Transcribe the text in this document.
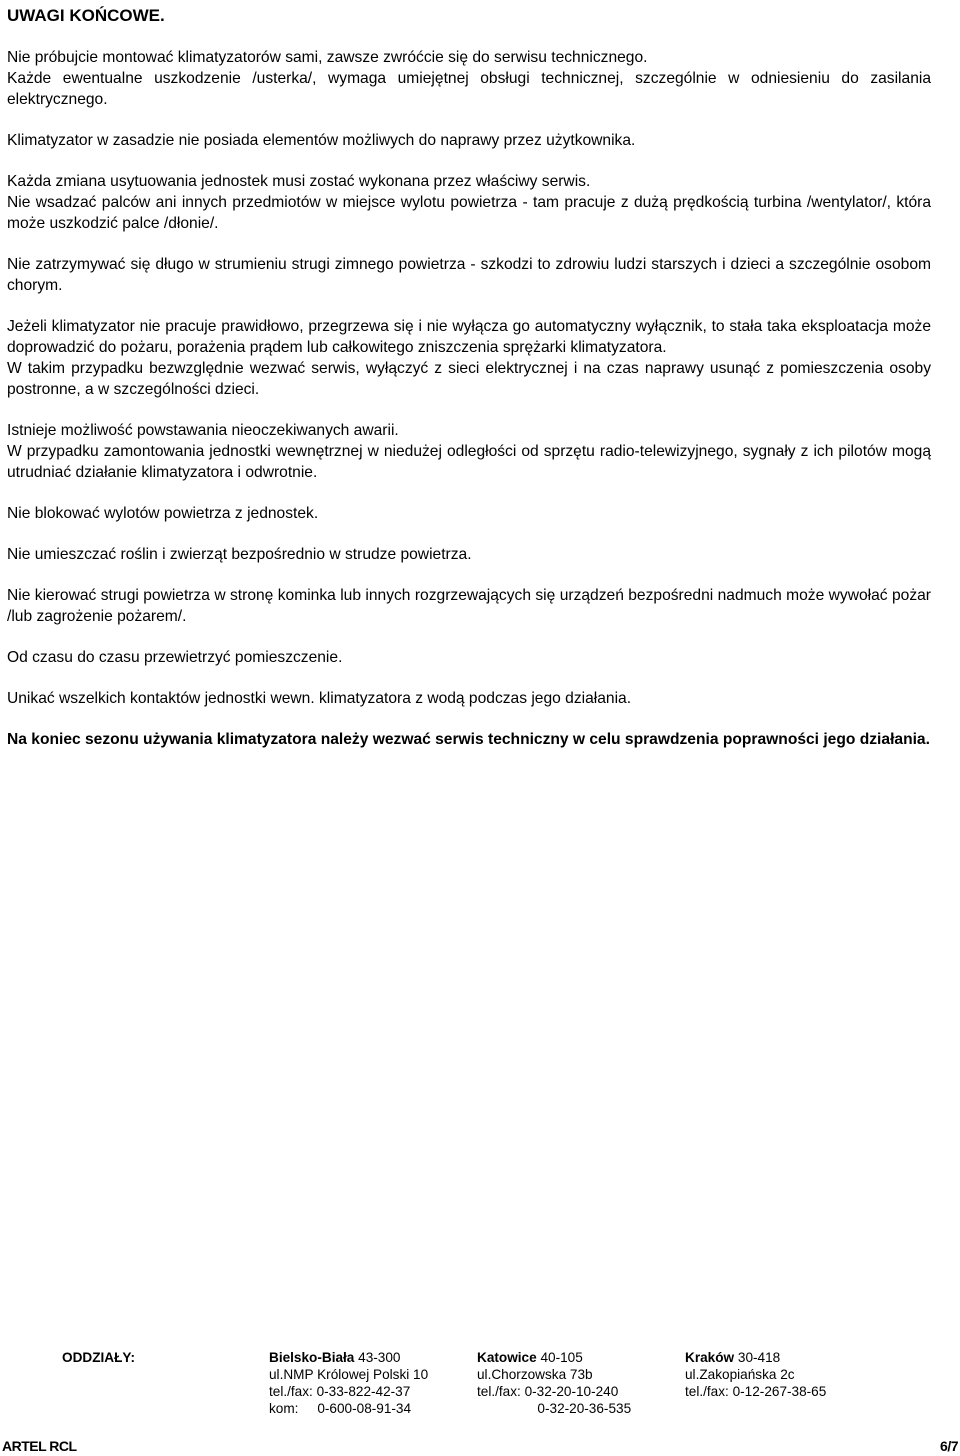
UWAGI KOŃCOWE.

Nie próbujcie montować klimatyzatorów sami, zawsze zwróćcie się do serwisu technicznego.

Każde ewentualne uszkodzenie /usterka/, wymaga umiejętnej obsługi technicznej, szczególnie w odniesieniu do zasilania elektrycznego.

Klimatyzator w zasadzie nie posiada elementów możliwych do naprawy przez użytkownika.

Każda zmiana usytuowania jednostek musi zostać wykonana przez właściwy serwis.

Nie wsadzać palców ani innych przedmiotów w miejsce wylotu powietrza - tam pracuje z dużą prędkością turbina /wentylator/, która może uszkodzić palce /dłonie/.

Nie zatrzymywać się długo w strumieniu strugi zimnego powietrza - szkodzi to zdrowiu ludzi starszych i dzieci a szczególnie osobom chorym.

Jeżeli klimatyzator nie pracuje prawidłowo, przegrzewa się i nie wyłącza go automatyczny wyłącznik, to stała taka eksploatacja może doprowadzić do pożaru, porażenia prądem lub całkowitego zniszczenia sprężarki klimatyzatora.

W takim przypadku bezwzględnie wezwać serwis, wyłączyć z sieci elektrycznej i na czas naprawy usunąć z pomieszczenia osoby postronne, a w szczególności dzieci.

Istnieje możliwość powstawania nieoczekiwanych awarii.

W przypadku zamontowania jednostki wewnętrznej w niedużej odległości od sprzętu radio-telewizyjnego, sygnały z ich pilotów mogą utrudniać działanie klimatyzatora i odwrotnie.

Nie blokować wylotów powietrza z jednostek.

Nie umieszczać roślin i zwierząt bezpośrednio w strudze powietrza.

Nie kierować strugi powietrza w stronę kominka lub innych rozgrzewających się urządzeń bezpośredni nadmuch może wywołać pożar /lub zagrożenie pożarem/.

Od czasu do czasu przewietrzyć pomieszczenie.

Unikać wszelkich kontaktów jednostki wewn. klimatyzatora z wodą podczas jego działania.

Na koniec sezonu używania klimatyzatora należy wezwać serwis techniczny w celu sprawdzenia poprawności jego działania.

ODDZIAŁY:	Bielsko-Biała 43-300
ul.NMP Królowej Polski 10
tel./fax: 0-33-822-42-37
kom:     0-600-08-91-34
Katowice 40-105
ul.Chorzowska 73b
tel./fax: 0-32-20-10-240
0-32-20-36-535
Kraków 30-418
ul.Zakopiańska 2c
tel./fax: 0-12-267-38-65
ARTEL RCL	6/7
